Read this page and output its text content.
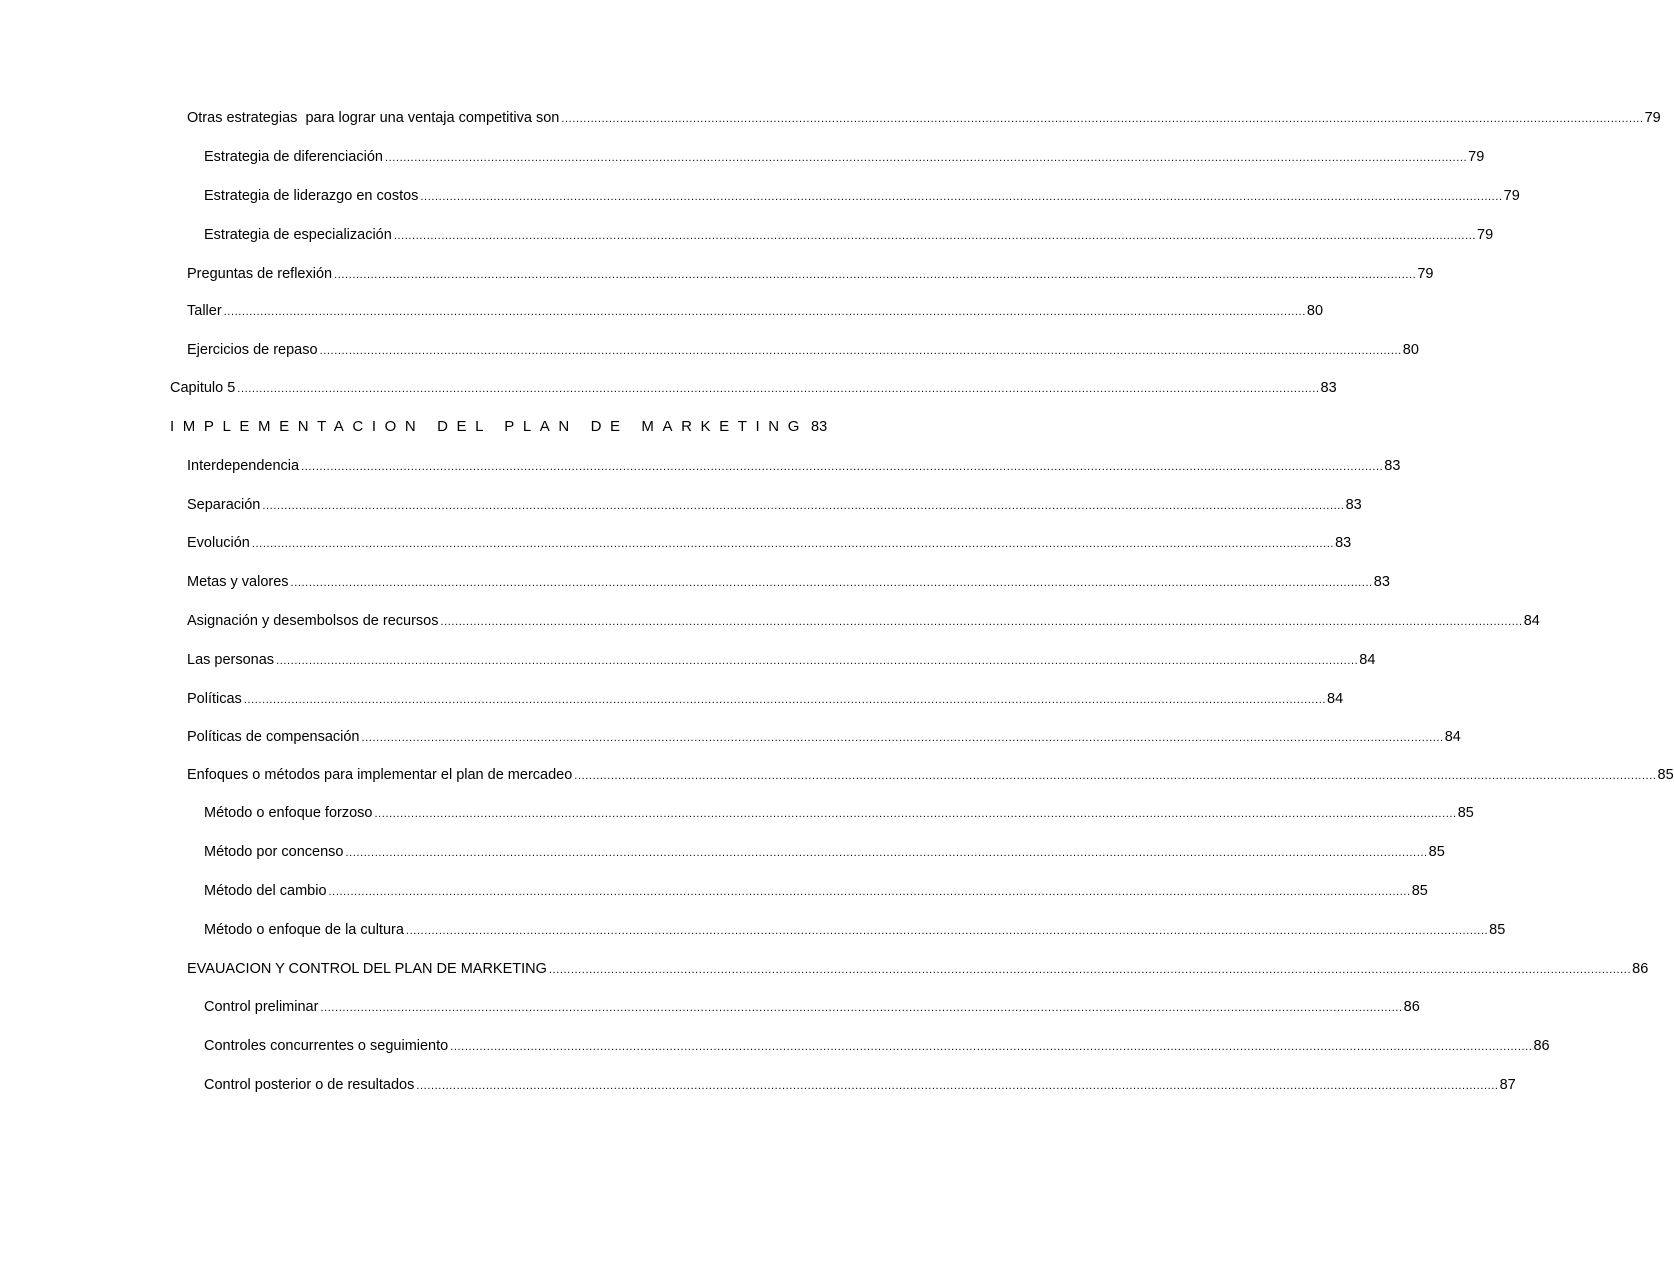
Otras estrategias  para lograr una ventaja competitiva son .....	79
Estrategia de diferenciación .....	79
Estrategia de liderazgo en costos .....	79
Estrategia de especialización .....	79
Preguntas de reflexión .....	79
Taller .....	80
Ejercicios de repaso .....	80
Capitulo 5 .....	83
IMPLEMENTACION DEL PLAN DE MARKETING 83
Interdependencia .....	83
Separación .....	83
Evolución .....	83
Metas y valores .....	83
Asignación y desembolsos de recursos .....	84
Las personas .....	84
Políticas .....	84
Políticas de compensación .....	84
Enfoques o métodos para implementar el plan de mercadeo .....	85
Método o enfoque forzoso .....	85
Método por concenso .....	85
Método del cambio .....	85
Método o enfoque de la cultura .....	85
EVAUACION Y CONTROL DEL PLAN DE MARKETING .....	86
Control preliminar .....	86
Controles concurrentes o seguimiento .....	86
Control posterior o de resultados .....	87
